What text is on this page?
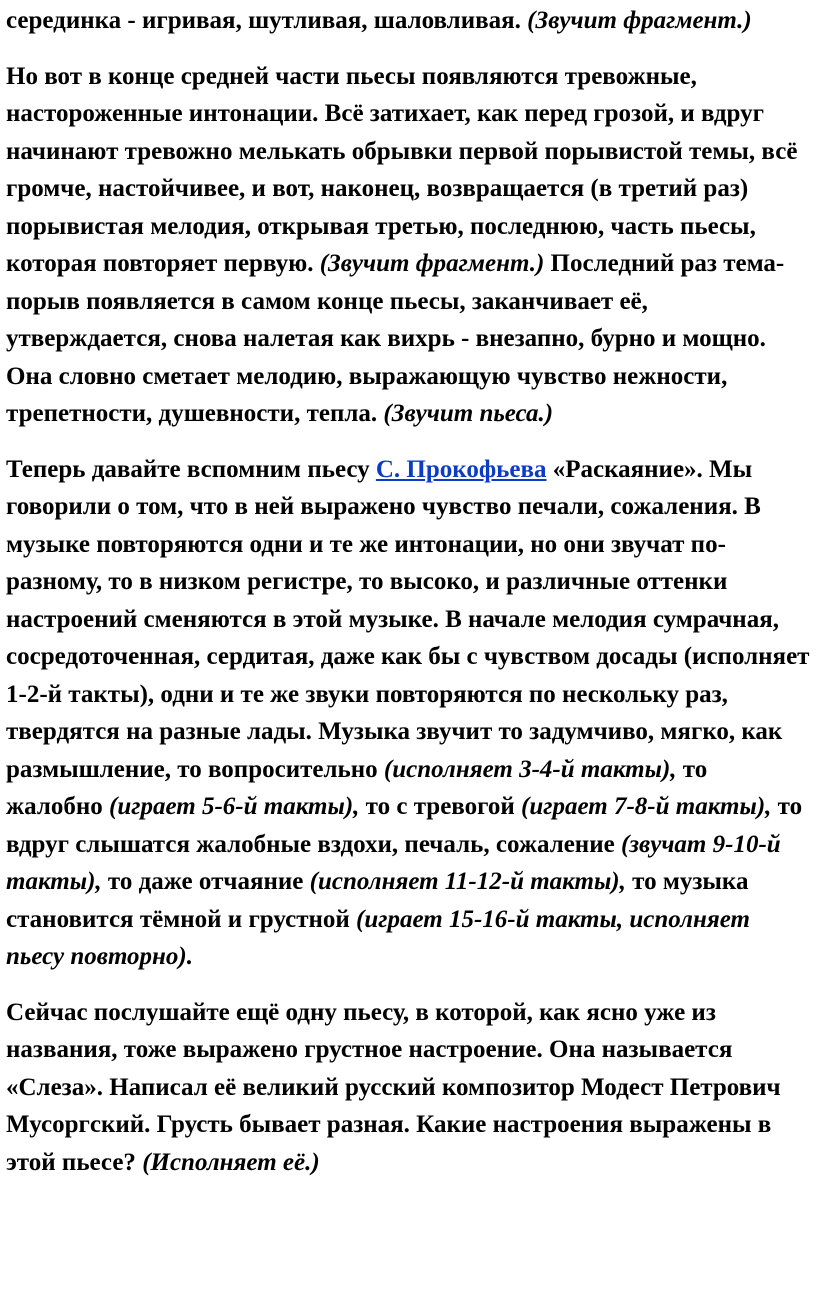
серединка - игривая, шутливая, шаловливая. (Звучит фрагмент.)

Но вот в конце средней части пьесы появляются тревожные, настороженные интонации. Всё затихает, как перед грозой, и вдруг начинают тревожно мелькать обрывки первой порывистой темы, всё громче, настойчивее, и вот, наконец, возвращается (в третий раз) порывистая мелодия, открывая третью, последнюю, часть пьесы, которая повторяет первую. (Звучит фрагмент.) Последний раз тема-порыв появляется в самом конце пьесы, заканчивает её, утверждается, снова налетая как вихрь - внезапно, бурно и мощно. Она словно сметает мелодию, выражающую чувство нежности, трепетности, душевности, тепла. (Звучит пьеса.)

Теперь давайте вспомним пьесу С. Прокофьева «Раскаяние». Мы говорили о том, что в ней выражено чувство печали, сожаления. В музыке повторяются одни и те же интонации, но они звучат по-разному, то в низком регистре, то высоко, и различные оттенки настроений сменяются в этой музыке. В начале мелодия сумрачная, сосредоточенная, сердитая, даже как бы с чувством досады (исполняет 1-2-й такты), одни и те же звуки повторяются по нескольку раз, твердятся на разные лады. Музыка звучит то задумчиво, мягко, как размышление, то вопросительно (исполняет 3-4-й такты), то жалобно (играет 5-6-й такты), то с тревогой (играет 7-8-й такты), то вдруг слышатся жалобные вздохи, печаль, сожаление (звучат 9-10-й такты), то даже отчаяние (исполняет 11-12-й такты), то музыка становится тёмной и грустной (играет 15-16-й такты, исполняет пьесу повторно).

Сейчас послушайте ещё одну пьесу, в которой, как ясно уже из названия, тоже выражено грустное настроение. Она называется «Слеза». Написал её великий русский композитор Модест Петрович Мусоргский. Грусть бывает разная. Какие настроения выражены в этой пьесе? (Исполняет её.)
